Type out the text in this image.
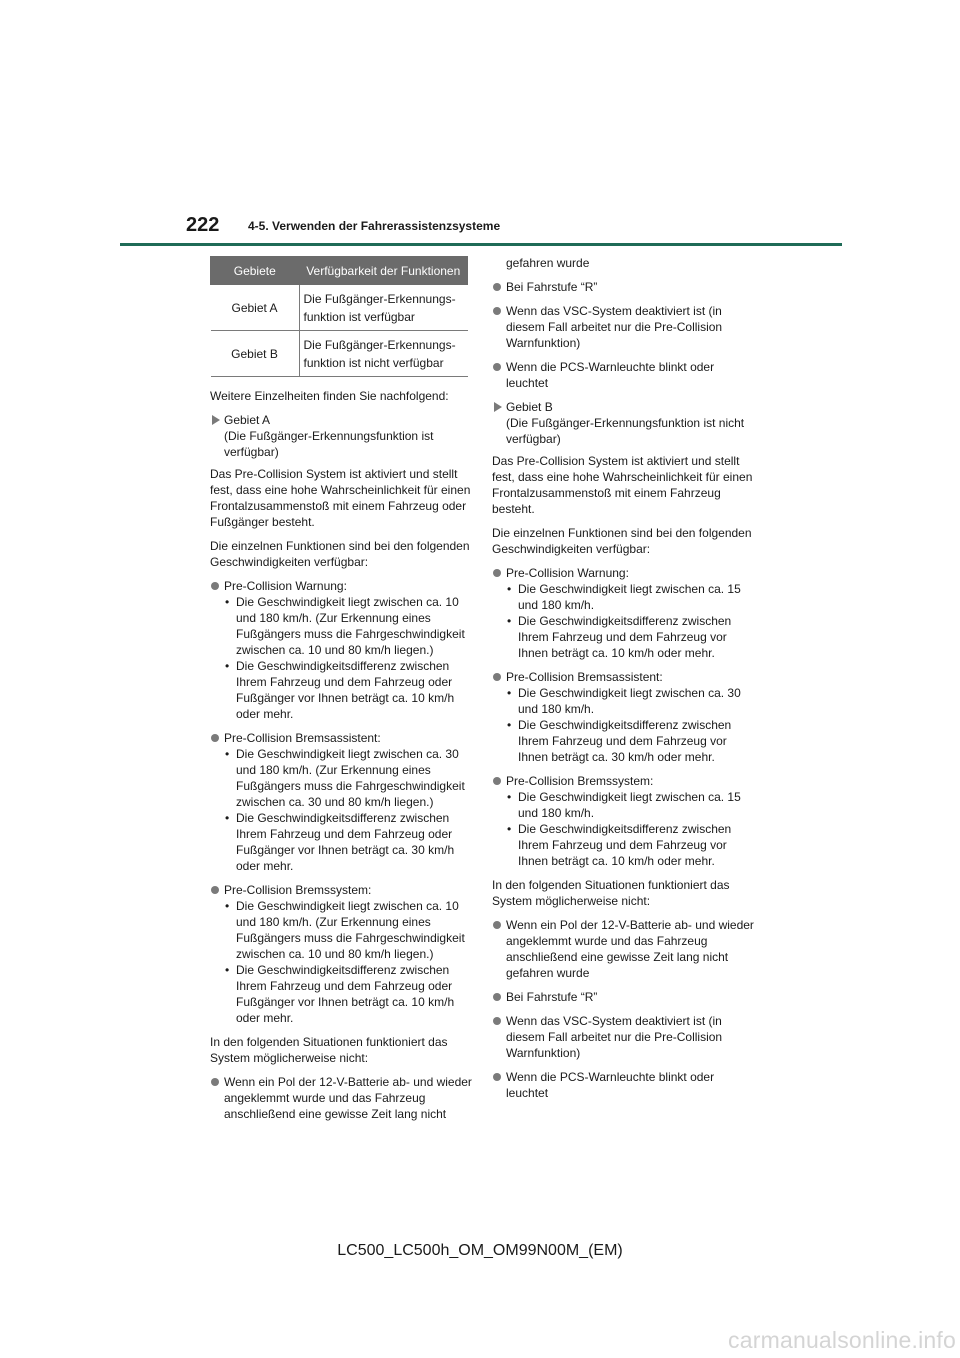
222 4-5. Verwenden der Fahrerassistenzsysteme
Gebiete	Verfügbarkeit der Funktionen
Gebiet A	Die Fußgänger-Erkennungs-
funktion ist verfügbar
Gebiet B	Die Fußgänger-Erkennungs-
funktion ist nicht verfügbar

Weitere Einzelheiten finden Sie nachfolgend:

Gebiet A
(Die Fußgänger-Erkennungsfunktion ist verfügbar)

Das Pre-Collision System ist aktiviert und stellt fest, dass eine hohe Wahrscheinlichkeit für einen Frontalzusammenstoß mit einem Fahrzeug oder Fußgänger besteht.

Die einzelnen Funktionen sind bei den folgenden Geschwindigkeiten verfügbar:

Pre-Collision Warnung:
• Die Geschwindigkeit liegt zwischen ca. 10 und 180 km/h. (Zur Erkennung eines Fußgängers muss die Fahrgeschwindigkeit zwischen ca. 10 und 80 km/h liegen.)
• Die Geschwindigkeitsdifferenz zwischen Ihrem Fahrzeug und dem Fahrzeug oder Fußgänger vor Ihnen beträgt ca. 10 km/h oder mehr.
Pre-Collision Bremsassistent:
• Die Geschwindigkeit liegt zwischen ca. 30 und 180 km/h. (Zur Erkennung eines Fußgängers muss die Fahrgeschwindigkeit zwischen ca. 30 und 80 km/h liegen.)
• Die Geschwindigkeitsdifferenz zwischen Ihrem Fahrzeug und dem Fahrzeug oder Fußgänger vor Ihnen beträgt ca. 30 km/h oder mehr.
Pre-Collision Bremssystem:
• Die Geschwindigkeit liegt zwischen ca. 10 und 180 km/h. (Zur Erkennung eines Fußgängers muss die Fahrgeschwindigkeit zwischen ca. 10 und 80 km/h liegen.)
• Die Geschwindigkeitsdifferenz zwischen Ihrem Fahrzeug und dem Fahrzeug oder Fußgänger vor Ihnen beträgt ca. 10 km/h oder mehr.

In den folgenden Situationen funktioniert das System möglicherweise nicht:

Wenn ein Pol der 12-V-Batterie ab- und wieder angeklemmt wurde und das Fahrzeug anschließend eine gewisse Zeit lang nicht
gefahren wurde
Bei Fahrstufe “R”
Wenn das VSC-System deaktiviert ist (in diesem Fall arbeitet nur die Pre-Collision Warnfunktion)
Wenn die PCS-Warnleuchte blinkt oder leuchtet
Gebiet B
(Die Fußgänger-Erkennungsfunktion ist nicht verfügbar)

Das Pre-Collision System ist aktiviert und stellt fest, dass eine hohe Wahrscheinlichkeit für einen Frontalzusammenstoß mit einem Fahrzeug besteht.

Die einzelnen Funktionen sind bei den folgenden Geschwindigkeiten verfügbar:

Pre-Collision Warnung:
• Die Geschwindigkeit liegt zwischen ca. 15 und 180 km/h.
• Die Geschwindigkeitsdifferenz zwischen Ihrem Fahrzeug und dem Fahrzeug vor Ihnen beträgt ca. 10 km/h oder mehr.
Pre-Collision Bremsassistent:
• Die Geschwindigkeit liegt zwischen ca. 30 und 180 km/h.
• Die Geschwindigkeitsdifferenz zwischen Ihrem Fahrzeug und dem Fahrzeug vor Ihnen beträgt ca. 30 km/h oder mehr.
Pre-Collision Bremssystem:
• Die Geschwindigkeit liegt zwischen ca. 15 und 180 km/h.
• Die Geschwindigkeitsdifferenz zwischen Ihrem Fahrzeug und dem Fahrzeug vor Ihnen beträgt ca. 10 km/h oder mehr.

In den folgenden Situationen funktioniert das System möglicherweise nicht:

Wenn ein Pol der 12-V-Batterie ab- und wieder angeklemmt wurde und das Fahrzeug anschließend eine gewisse Zeit lang nicht gefahren wurde
Bei Fahrstufe “R”
Wenn das VSC-System deaktiviert ist (in diesem Fall arbeitet nur die Pre-Collision Warnfunktion)
Wenn die PCS-Warnleuchte blinkt oder leuchtet
LC500_LC500h_OM_OM99N00M_(EM)
carmanualsonline.info
